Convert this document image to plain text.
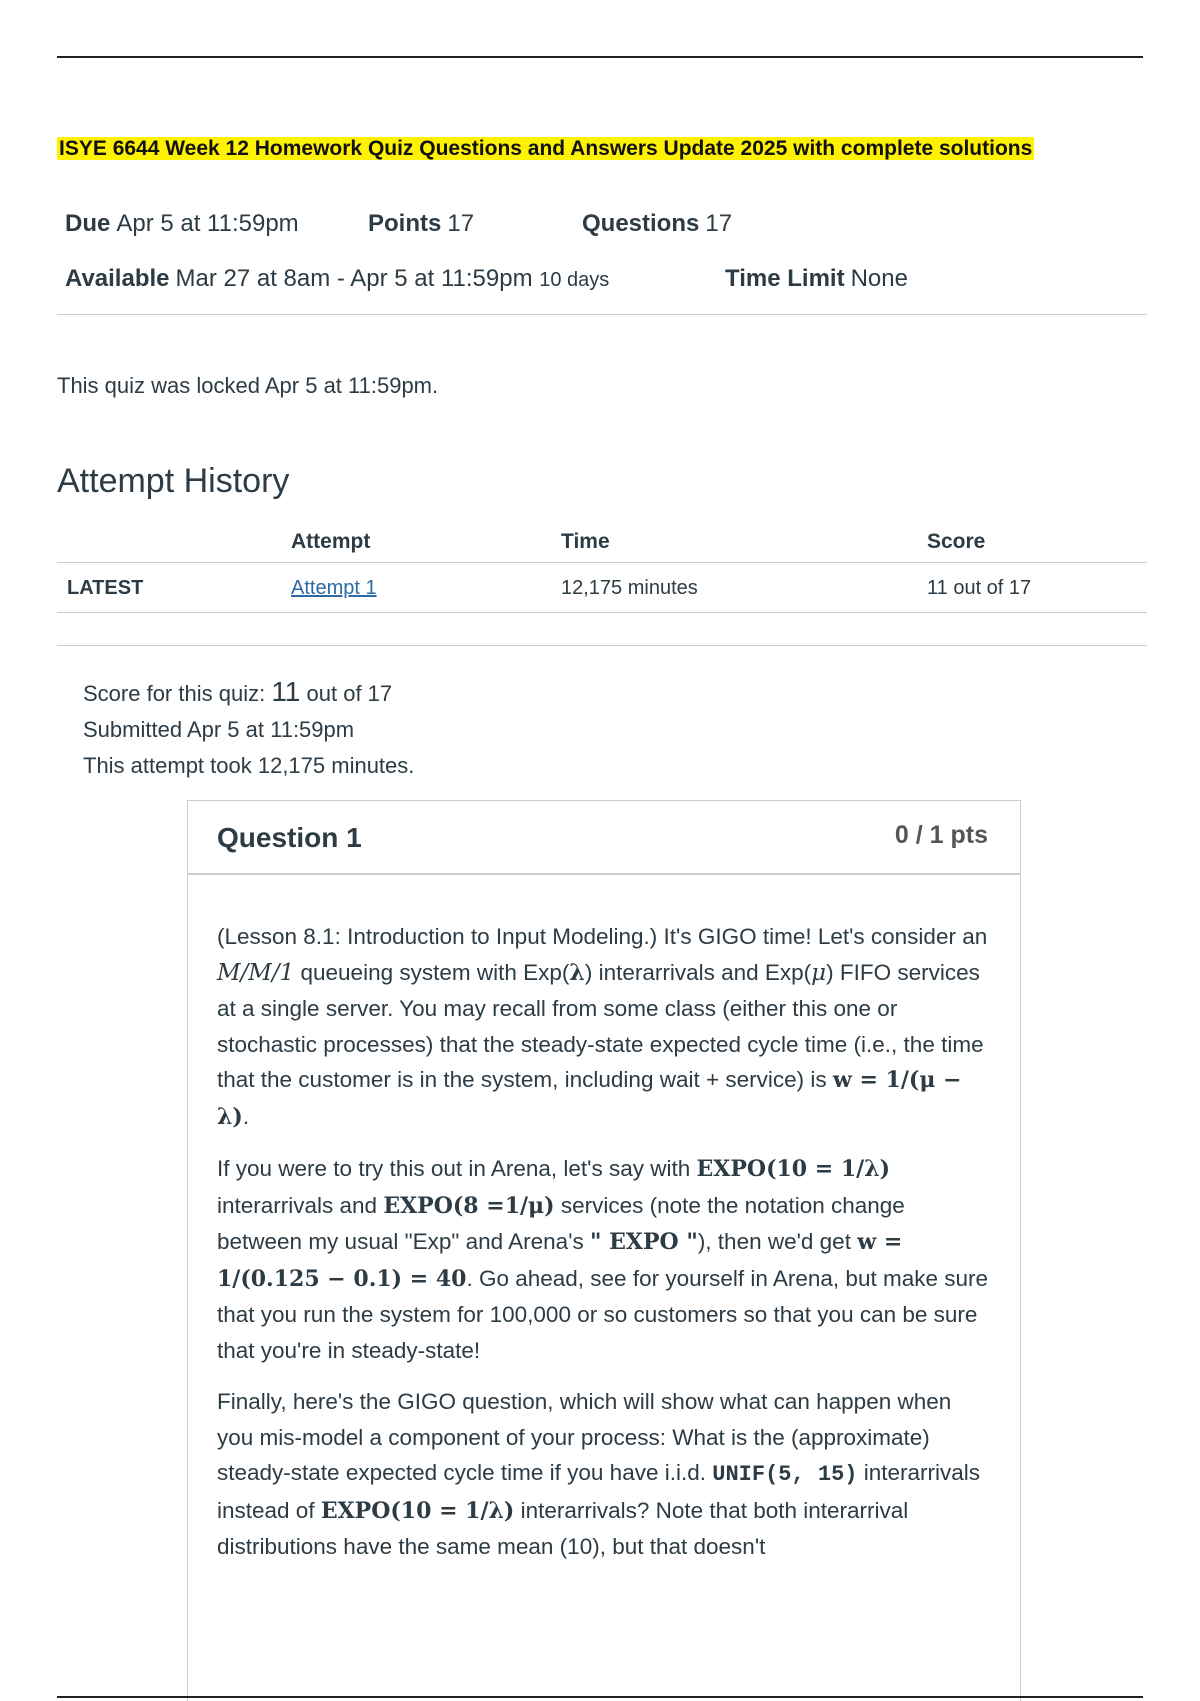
ISYE 6644 Week 12 Homework Quiz Questions and Answers Update 2025 with complete solutions
Due Apr 5 at 11:59pm	Points 17	Questions 17
Available Mar 27 at 8am - Apr 5 at 11:59pm 10 days	Time Limit None
This quiz was locked Apr 5 at 11:59pm.
Attempt History
	Attempt	Time	Score
LATEST	Attempt 1	12,175 minutes	11 out of 17
Score for this quiz: 11 out of 17
Submitted Apr 5 at 11:59pm
This attempt took 12,175 minutes.
Question 1	0 / 1 pts

(Lesson 8.1: Introduction to Input Modeling.) It's GIGO time! Let's consider an M/M/1 queueing system with Exp(λ) interarrivals and Exp(μ) FIFO services at a single server. You may recall from some class (either this one or stochastic processes) that the steady-state expected cycle time (i.e., the time that the customer is in the system, including wait + service) is w = 1/(μ − λ).

If you were to try this out in Arena, let's say with EXPO(10 = 1/λ) interarrivals and EXPO(8 =1/μ) services (note the notation change between my usual "Exp" and Arena's " EXPO "), then we'd get w = 1/(0.125 − 0.1) = 40. Go ahead, see for yourself in Arena, but make sure that you run the system for 100,000 or so customers so that you can be sure that you're in steady-state!

Finally, here's the GIGO question, which will show what can happen when you mis-model a component of your process: What is the (approximate) steady-state expected cycle time if you have i.i.d. UNIF(5, 15) interarrivals instead of EXPO(10 = 1/λ) interarrivals? Note that both interarrival distributions have the same mean (10), but that doesn't
